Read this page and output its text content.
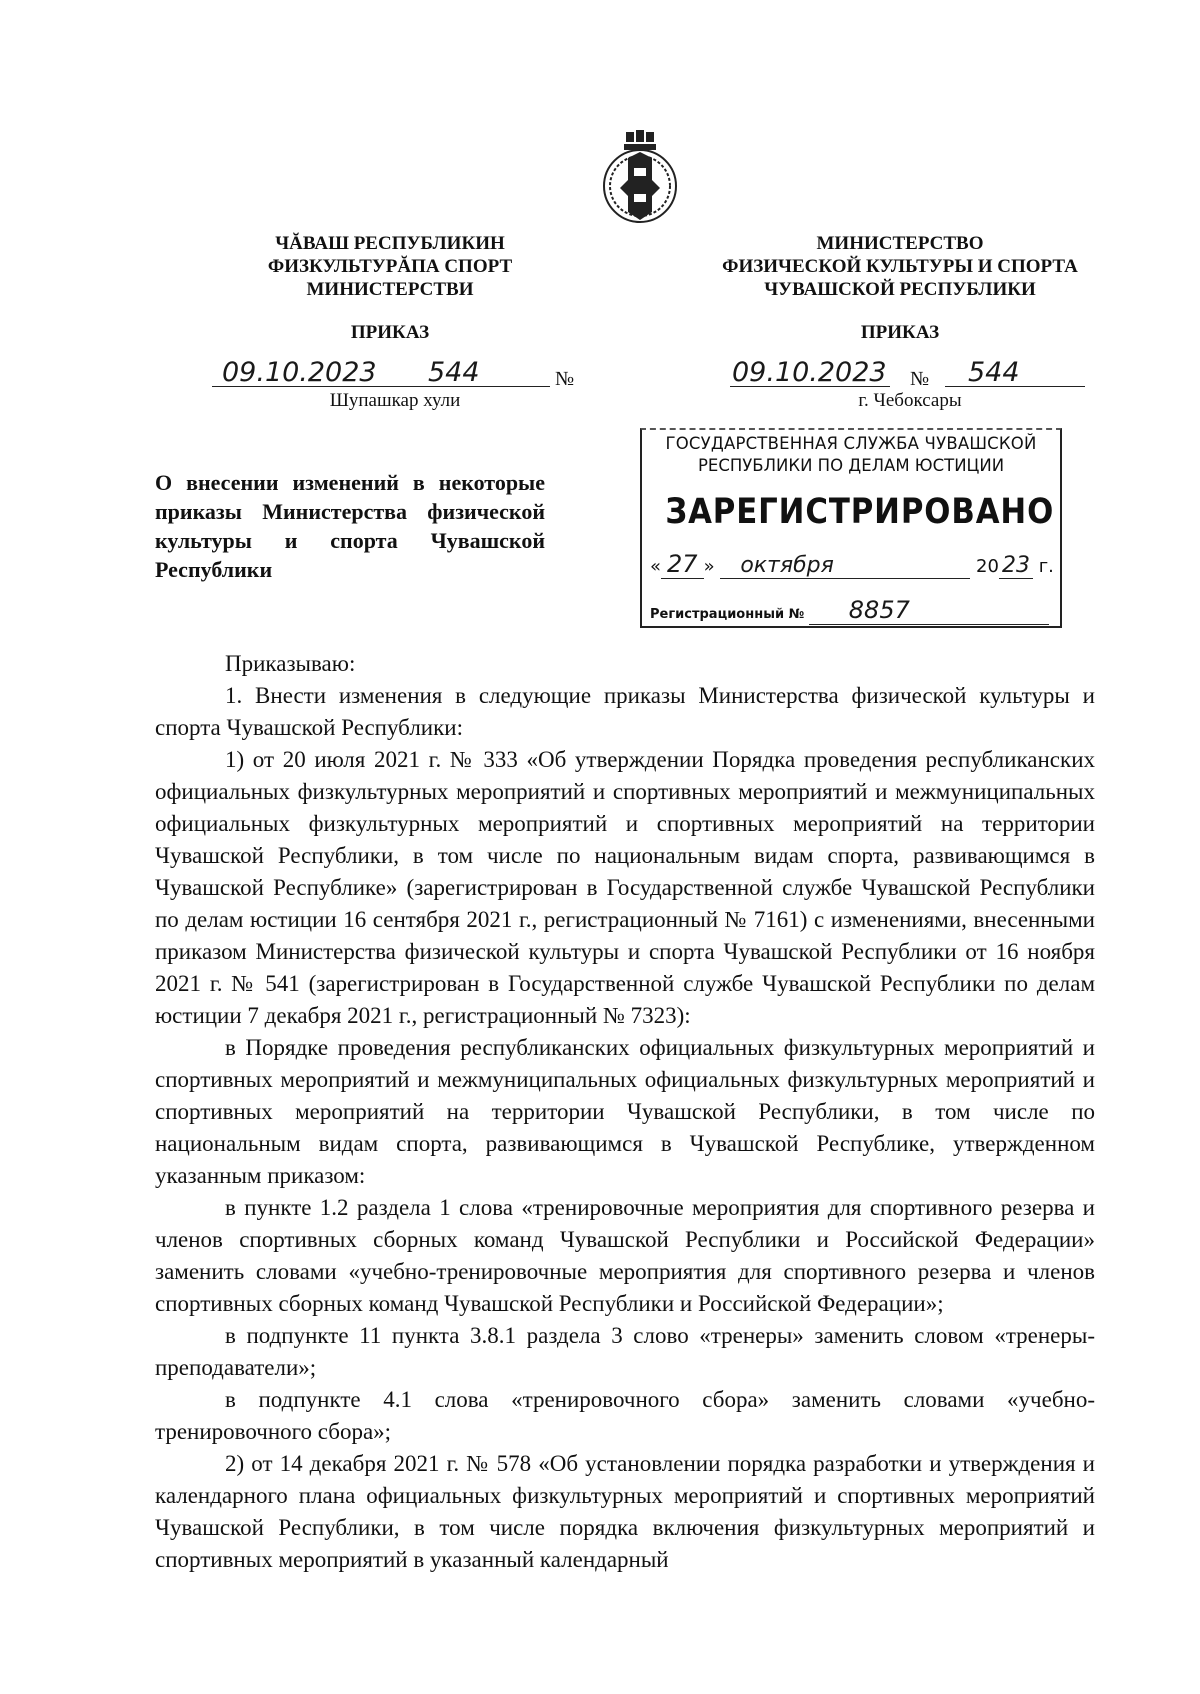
ЧĂВАШ РЕСПУБЛИКИН
ФИЗКУЛЬТУРĂПА СПОРТ
МИНИСТЕРСТВИ
МИНИСТЕРСТВО
ФИЗИЧЕСКОЙ КУЛЬТУРЫ И СПОРТА
ЧУВАШСКОЙ РЕСПУБЛИКИ
ПРИКАЗ	ПРИКАЗ
09.10.2023 544	№
Шупашкар хули
09.10.2023 № 544
г. Чебоксары
О внесении изменений в некоторые приказы Министерства физической культуры и спорта Чувашской Республики
ГОСУДАРСТВЕННАЯ СЛУЖБА ЧУВАШСКОЙ
РЕСПУБЛИКИ ПО ДЕЛАМ ЮСТИЦИИ
ЗАРЕГИСТРИРОВАНО
« 27 » октября	20 23 г.
Регистрационный № 8857

Приказываю:

1. Внести изменения в следующие приказы Министерства физической культуры и спорта Чувашской Республики:

1) от 20 июля 2021 г. № 333 «Об утверждении Порядка проведения республиканских официальных физкультурных мероприятий и спортивных мероприятий и межмуниципальных официальных физкультурных мероприятий и спортивных мероприятий на территории Чувашской Республики, в том числе по национальным видам спорта, развивающимся в Чувашской Республике» (зарегистрирован в Государственной службе Чувашской Республики по делам юстиции 16 сентября 2021 г., регистрационный № 7161) с изменениями, внесенными приказом Министерства физической культуры и спорта Чувашской Республики от 16 ноября 2021 г. № 541 (зарегистрирован в Государственной службе Чувашской Республики по делам юстиции 7 декабря 2021 г., регистрационный № 7323):

в Порядке проведения республиканских официальных физкультурных мероприятий и спортивных мероприятий и межмуниципальных официальных физкультурных мероприятий и спортивных мероприятий на территории Чувашской Республики, в том числе по национальным видам спорта, развивающимся в Чувашской Республике, утвержденном указанным приказом:

в пункте 1.2 раздела 1 слова «тренировочные мероприятия для спортивного резерва и членов спортивных сборных команд Чувашской Республики и Российской Федерации» заменить словами «учебно-тренировочные мероприятия для спортивного резерва и членов спортивных сборных команд Чувашской Республики и Российской Федерации»;

в подпункте 11 пункта 3.8.1 раздела 3 слово «тренеры» заменить словом «тренеры-преподаватели»;

в подпункте 4.1 слова «тренировочного сбора» заменить словами «учебно-тренировочного сбора»;

2) от 14 декабря 2021 г. № 578 «Об установлении порядка разработки и утверждения и календарного плана официальных физкультурных мероприятий и спортивных мероприятий Чувашской Республики, в том числе порядка включения физкультурных мероприятий и спортивных мероприятий в указанный календарный
